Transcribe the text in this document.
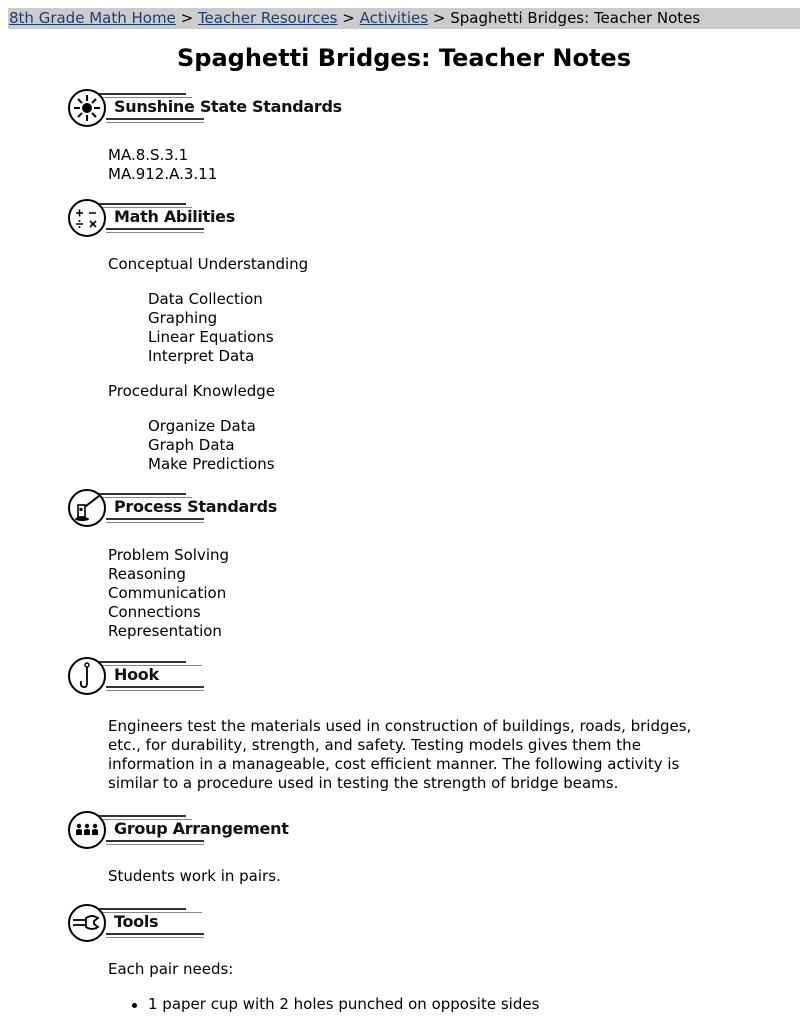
8th Grade Math Home > Teacher Resources > Activities > Spaghetti Bridges: Teacher Notes
Spaghetti Bridges: Teacher Notes
Sunshine State Standards
MA.8.S.3.1
MA.912.A.3.11
Math Abilities
Conceptual Understanding
Data Collection
Graphing
Linear Equations
Interpret Data
Procedural Knowledge
Organize Data
Graph Data
Make Predictions
Process Standards
Problem Solving
Reasoning
Communication
Connections
Representation
Hook
Engineers test the materials used in construction of buildings, roads, bridges, etc., for durability, strength, and safety. Testing models gives them the information in a manageable, cost efficient manner. The following activity is similar to a procedure used in testing the strength of bridge beams.
Group Arrangement
Students work in pairs.
Tools
Each pair needs:
1 paper cup with 2 holes punched on opposite sides
